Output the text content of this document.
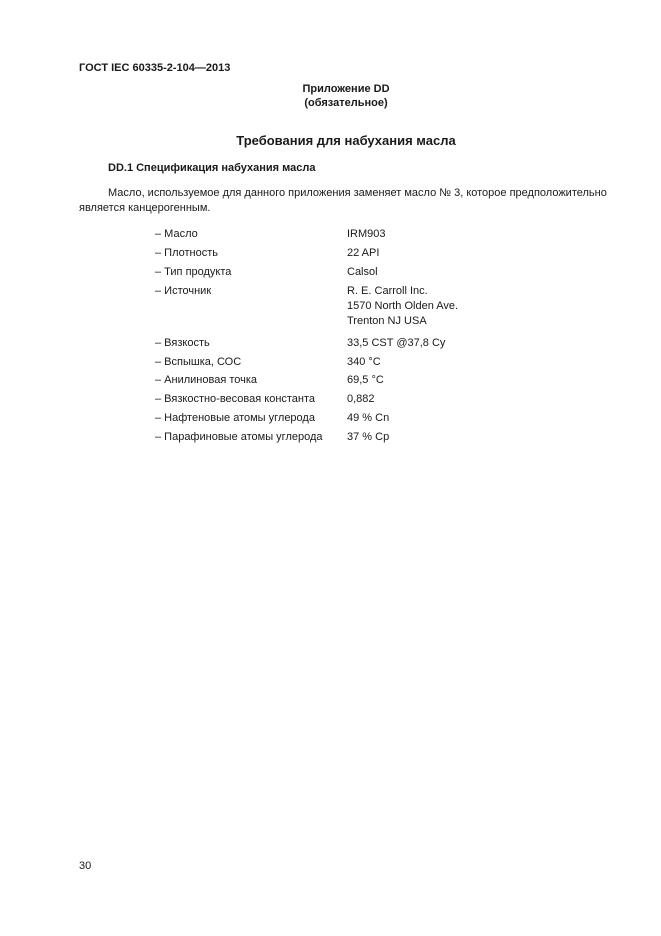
ГОСТ IEC 60335-2-104—2013
Приложение DD
(обязательное)
Требования для набухания масла
DD.1 Спецификация набухания масла
Масло, используемое для данного приложения заменяет масло № 3, которое предположительно является канцерогенным.
– Масло	IRM903

– Плотность	22 API

– Тип продукта	Calsol

– Источник	R. E. Carroll Inc.
1570 North Olden Ave.
Trenton NJ USA

– Вязкость	33,5 CST @37,8 Cy

– Вспышка, СОС	340 °С

– Анилиновая точка	69,5 °С

– Вязкостно-весовая константа	0,882

– Нафтеновые атомы углерода	49 % Cn

– Парафиновые атомы углерода	37 % Cp
30
